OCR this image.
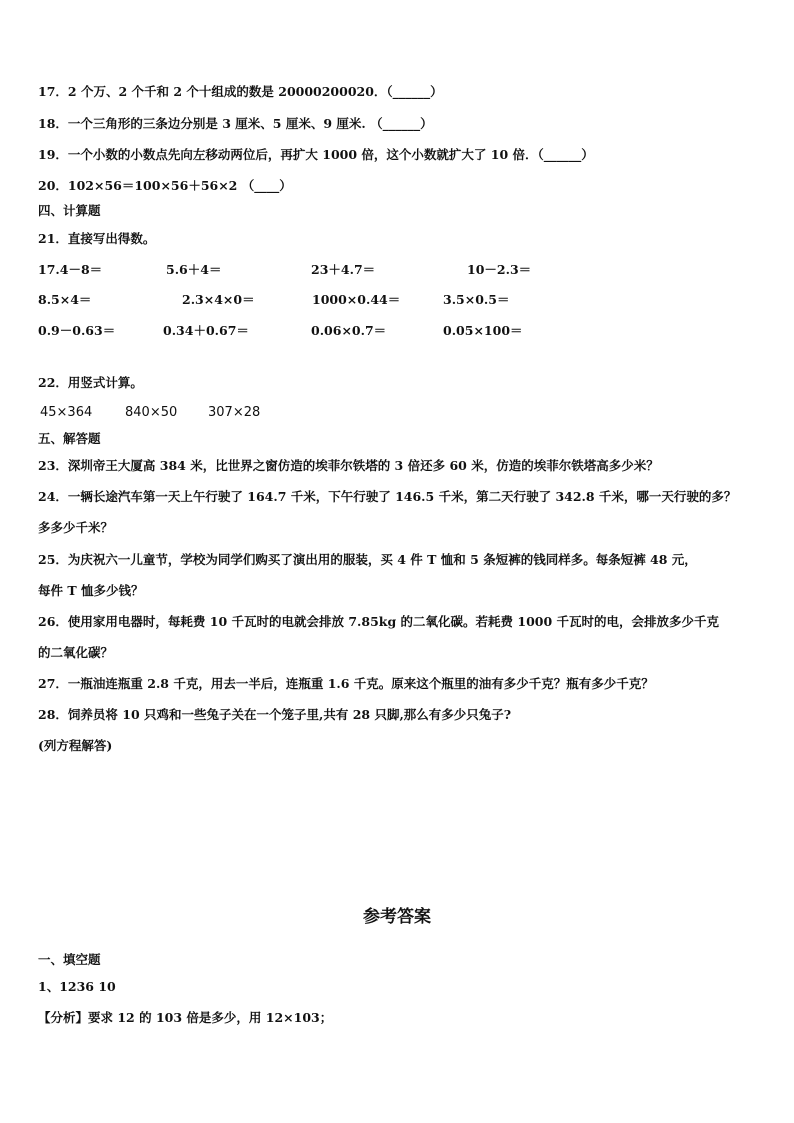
17．2 个万、2 个千和 2 个十组成的数是 20000200020．（______）
18．一个三角形的三条边分别是 3 厘米、5 厘米、9 厘米. （______）
19．一个小数的小数点先向左移动两位后，再扩大 1000 倍，这个小数就扩大了 10 倍．（______）
20．102×56＝100×56＋56×2 （____）
四、计算题
21．直接写出得数。
17.4－8＝	5.6＋4＝	23＋4.7＝	10－2.3＝
8.5×4＝	2.3×4×0＝	1000×0.44＝	3.5×0.5＝
0.9－0.63＝	0.34＋0.67＝	0.06×0.7＝	0.05×100＝
22．用竖式计算。
45×364	840×50 307×28
五、解答题
23．深圳帝王大厦高 384 米，比世界之窗仿造的埃菲尔铁塔的 3 倍还多 60 米，仿造的埃菲尔铁塔高多少米？
24．一辆长途汽车第一天上午行驶了 164.7 千米，下午行驶了 146.5 千米，第二天行驶了 342.8 千米，哪一天行驶的多？
多多少千米？
25．为庆祝六一儿童节，学校为同学们购买了演出用的服装，买 4 件 T 恤和 5 条短裤的钱同样多。每条短裤 48 元，
每件 T 恤多少钱？
26．使用家用电器时，每耗费 10 千瓦时的电就会排放 7.85kg 的二氧化碳。若耗费 1000 千瓦时的电，会排放多少千克
的二氧化碳？
27．一瓶油连瓶重 2.8 千克，用去一半后，连瓶重 1.6 千克。原来这个瓶里的油有多少千克？瓶有多少千克？
28．饲养员将 10 只鸡和一些兔子关在一个笼子里,共有 28 只脚,那么有多少只兔子?
(列方程解答)
参考答案
一、填空题
1、1236 10
【分析】要求 12 的 103 倍是多少，用 12×103；
